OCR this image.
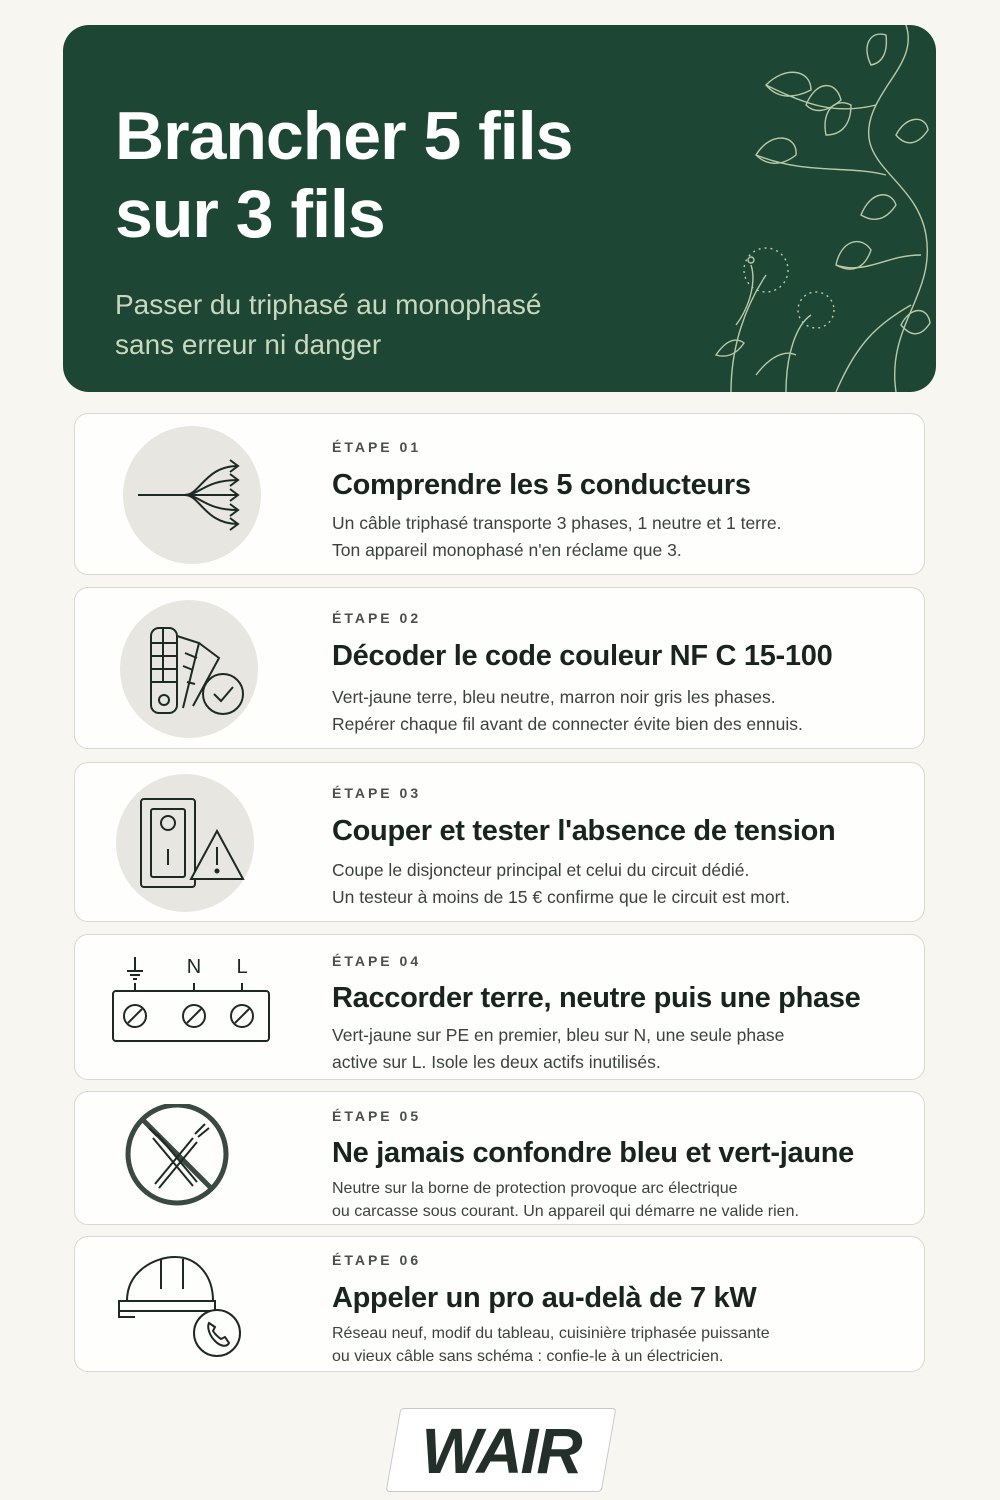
Brancher 5 fils
sur 3 fils
Passer du triphasé au monophasé
sans erreur ni danger
ÉTAPE 01
Comprendre les 5 conducteurs
Un câble triphasé transporte 3 phases, 1 neutre et 1 terre.
Ton appareil monophasé n'en réclame que 3.
ÉTAPE 02
Décoder le code couleur NF C 15-100
Vert-jaune terre, bleu neutre, marron noir gris les phases.
Repérer chaque fil avant de connecter évite bien des ennuis.
ÉTAPE 03
Couper et tester l'absence de tension
Coupe le disjoncteur principal et celui du circuit dédié.
Un testeur à moins de 15 € confirme que le circuit est mort.
N L	ÉTAPE 04
Raccorder terre, neutre puis une phase
Vert-jaune sur PE en premier, bleu sur N, une seule phase
active sur L. Isole les deux actifs inutilisés.
ÉTAPE 05
Ne jamais confondre bleu et vert-jaune
Neutre sur la borne de protection provoque arc électrique
ou carcasse sous courant. Un appareil qui démarre ne valide rien.
ÉTAPE 06
Appeler un pro au-delà de 7 kW
Réseau neuf, modif du tableau, cuisinière triphasée puissante
ou vieux câble sans schéma : confie-le à un électricien.
WAIR
